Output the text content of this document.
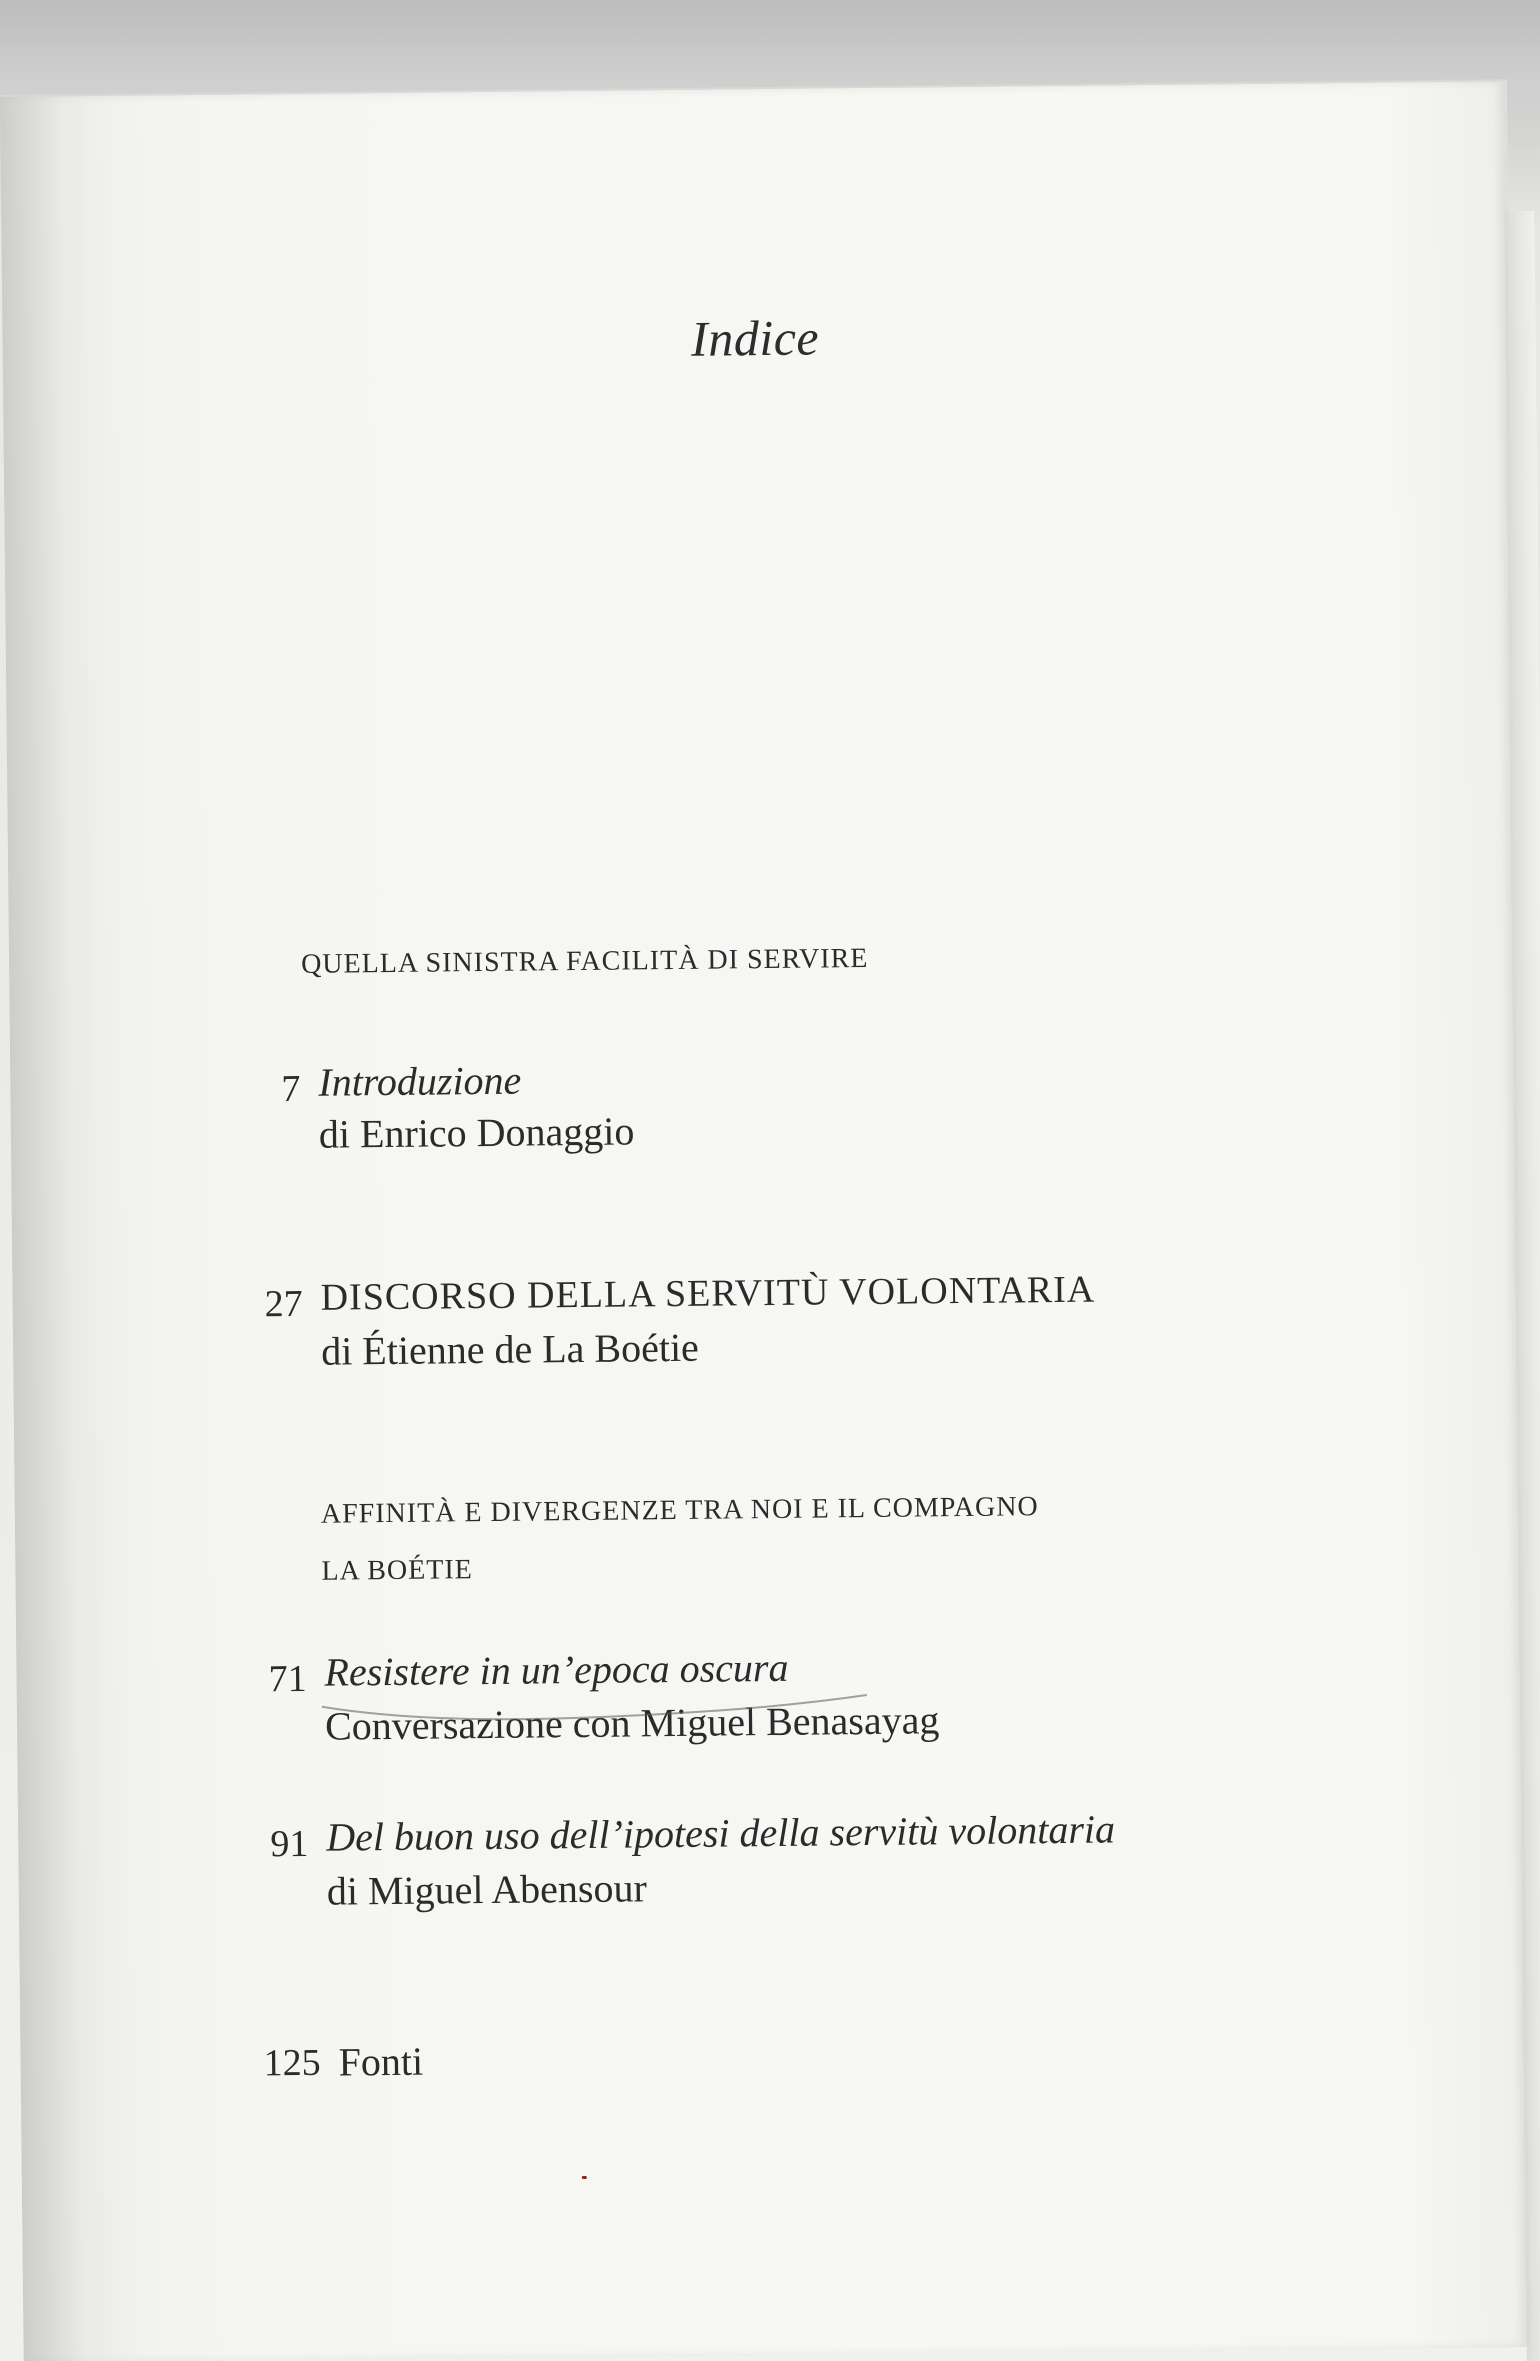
Indice
QUELLA SINISTRA FACILITÀ DI SERVIRE
7 Introduzione
di Enrico Donaggio
27 DISCORSO DELLA SERVITÙ VOLONTARIA
di Étienne de La Boétie
AFFINITÀ E DIVERGENZE TRA NOI E IL COMPAGNO
LA BOÉTIE
71 Resistere in un’epoca oscura
Conversazione con Miguel Benasayag
91 Del buon uso dell’ipotesi della servitù volontaria
di Miguel Abensour
125 Fonti
